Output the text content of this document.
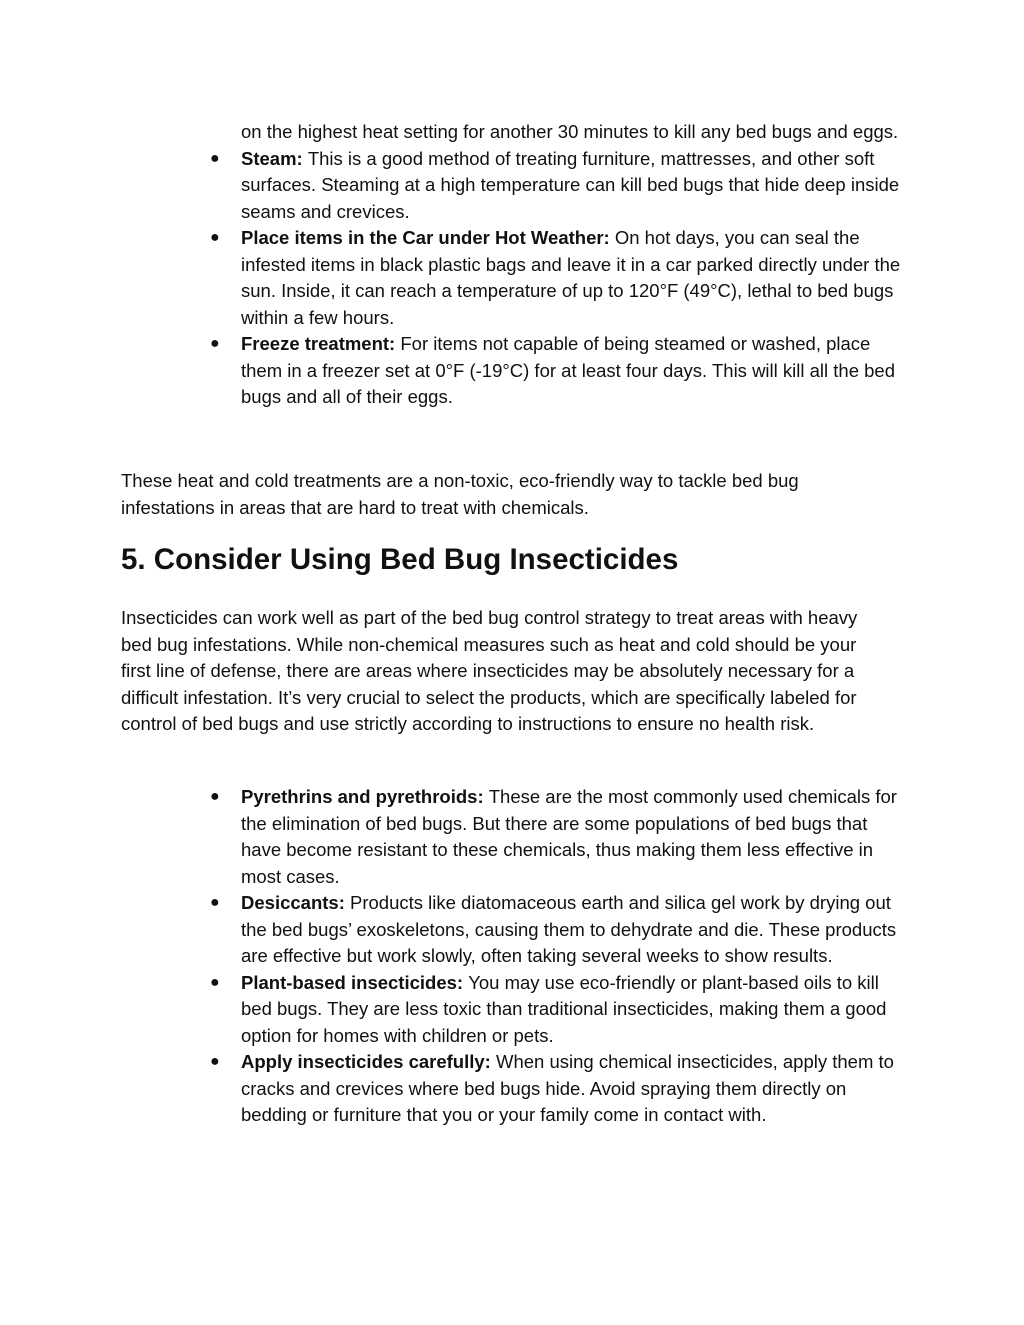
on the highest heat setting for another 30 minutes to kill any bed bugs and eggs.

● Steam: This is a good method of treating furniture, mattresses, and other soft surfaces. Steaming at a high temperature can kill bed bugs that hide deep inside seams and crevices.
● Place items in the Car under Hot Weather: On hot days, you can seal the infested items in black plastic bags and leave it in a car parked directly under the sun. Inside, it can reach a temperature of up to 120°F (49°C), lethal to bed bugs within a few hours.
● Freeze treatment: For items not capable of being steamed or washed, place them in a freezer set at 0°F (-19°C) for at least four days. This will kill all the bed bugs and all of their eggs.

These heat and cold treatments are a non-toxic, eco-friendly way to tackle bed bug infestations in areas that are hard to treat with chemicals.

5. Consider Using Bed Bug Insecticides

Insecticides can work well as part of the bed bug control strategy to treat areas with heavy bed bug infestations. While non-chemical measures such as heat and cold should be your first line of defense, there are areas where insecticides may be absolutely necessary for a difficult infestation. It’s very crucial to select the products, which are specifically labeled for control of bed bugs and use strictly according to instructions to ensure no health risk.

● Pyrethrins and pyrethroids: These are the most commonly used chemicals for the elimination of bed bugs. But there are some populations of bed bugs that have become resistant to these chemicals, thus making them less effective in most cases.
● Desiccants: Products like diatomaceous earth and silica gel work by drying out the bed bugs’ exoskeletons, causing them to dehydrate and die. These products are effective but work slowly, often taking several weeks to show results.
● Plant-based insecticides: You may use eco-friendly or plant-based oils to kill bed bugs. They are less toxic than traditional insecticides, making them a good option for homes with children or pets.
● Apply insecticides carefully: When using chemical insecticides, apply them to cracks and crevices where bed bugs hide. Avoid spraying them directly on bedding or furniture that you or your family come in contact with.
